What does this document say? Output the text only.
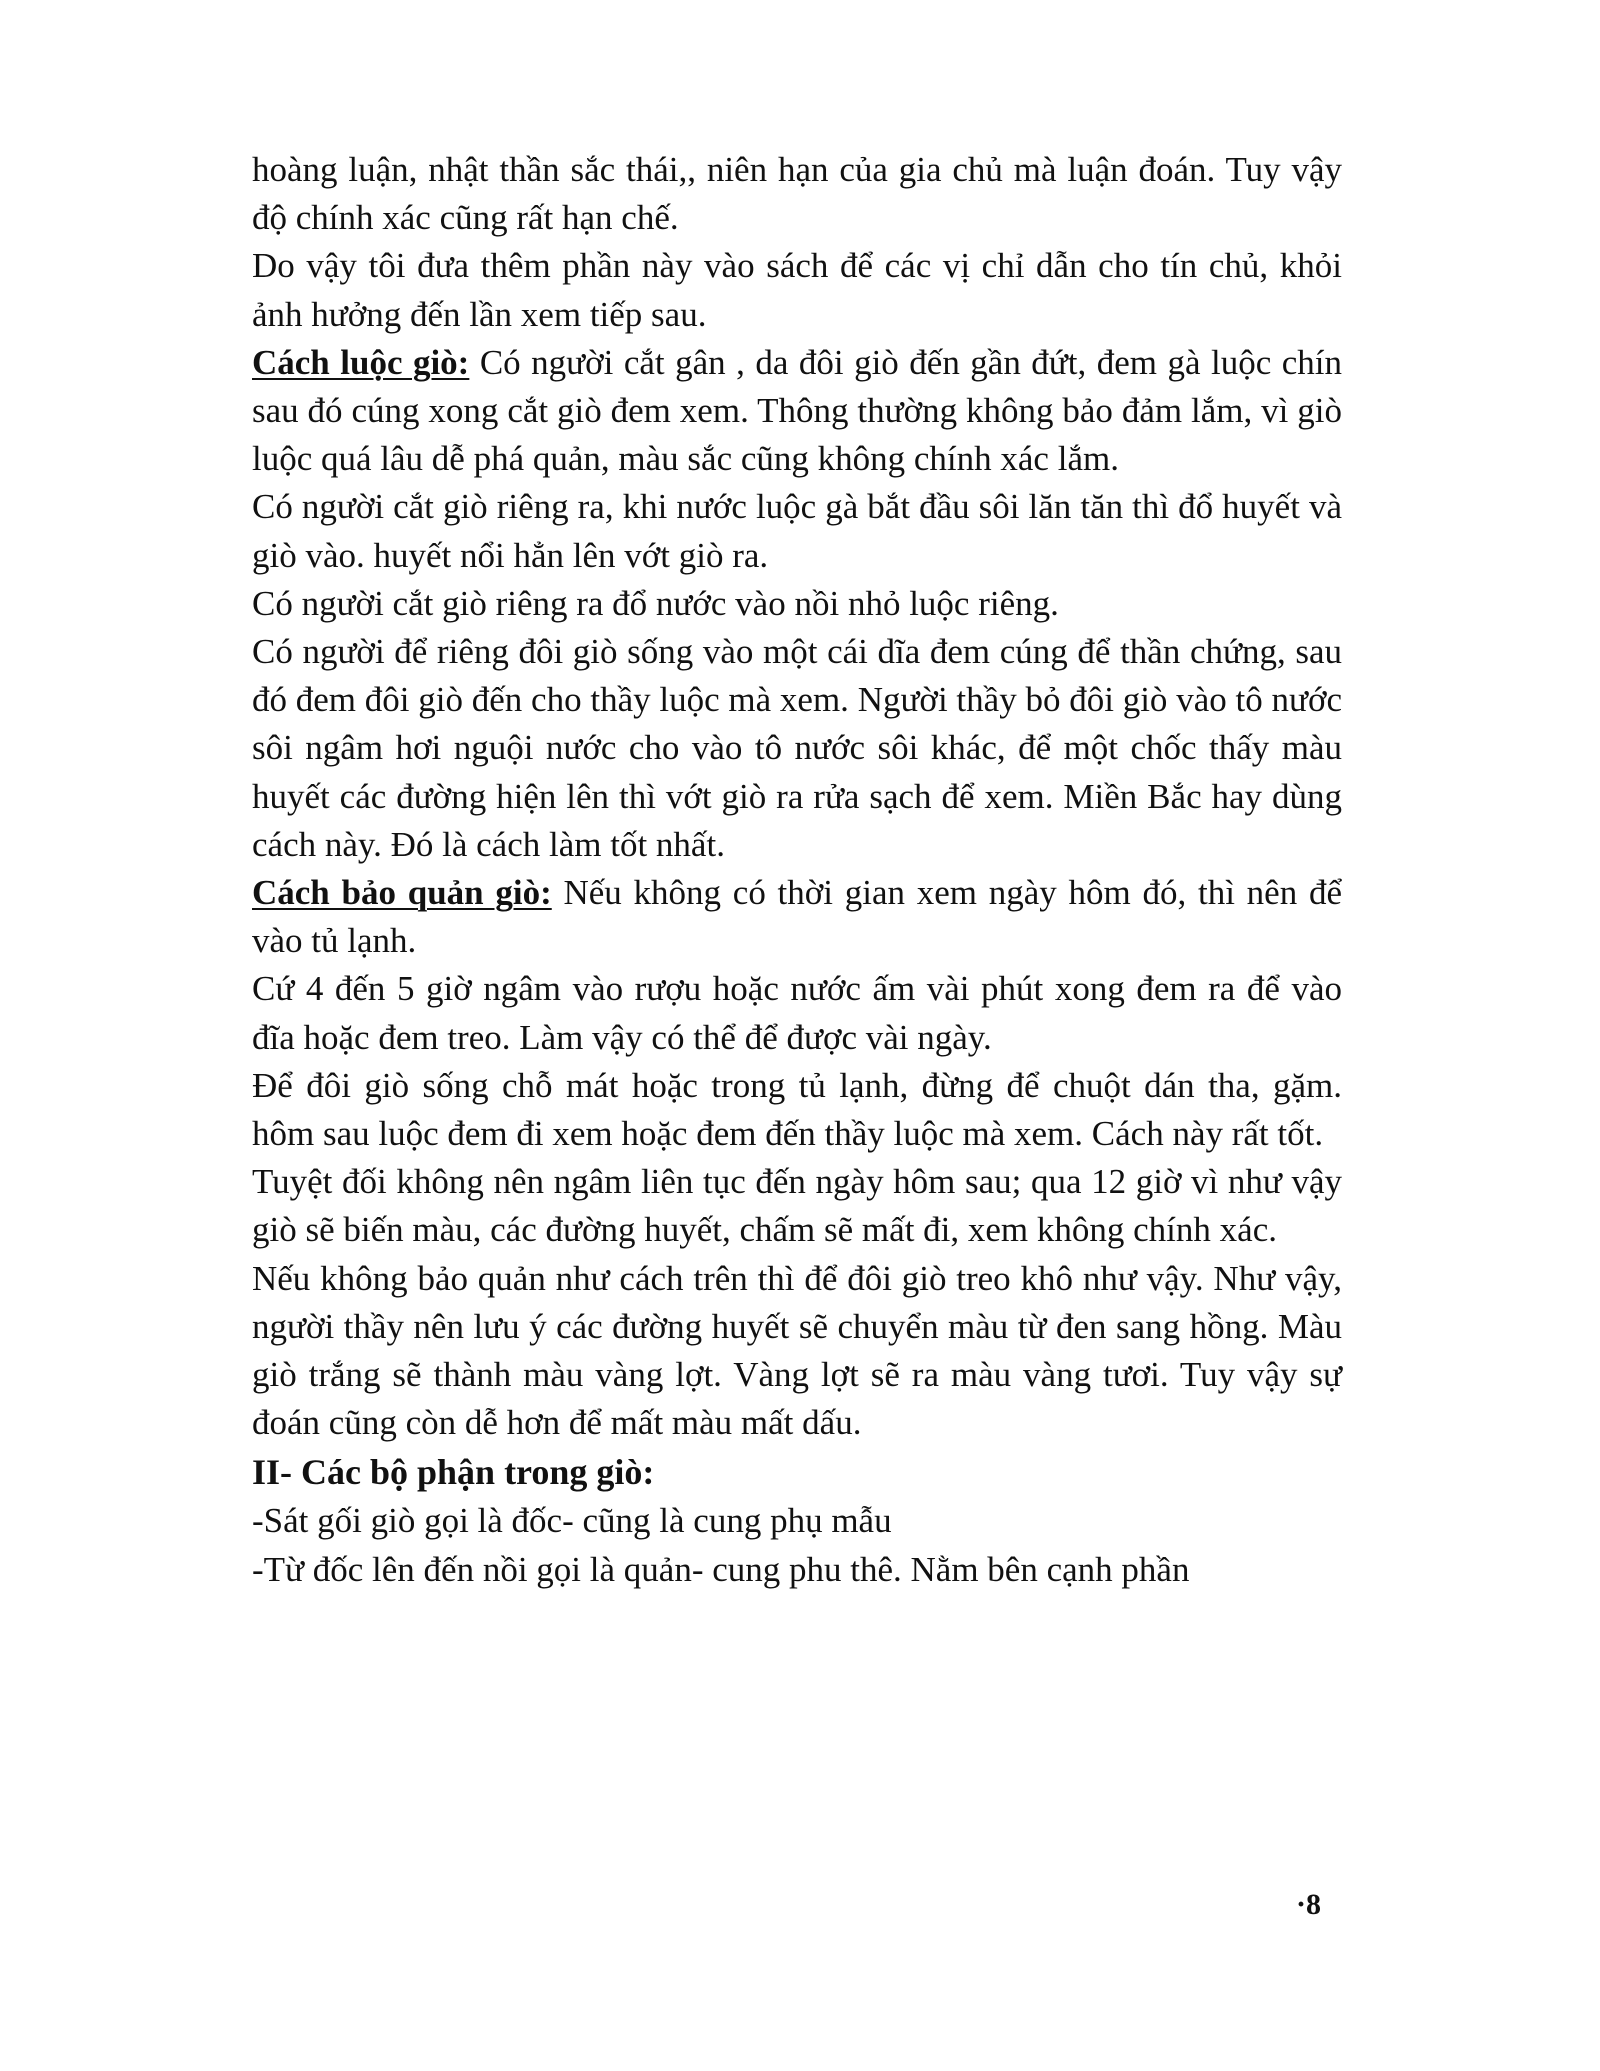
hoàng luận, nhật thần sắc thái,, niên hạn của gia chủ mà luận đoán. Tuy vậy độ chính xác cũng rất hạn chế.

Do vậy tôi đưa thêm phần này vào sách để các vị chỉ dẫn cho tín chủ, khỏi ảnh hưởng đến lần xem tiếp sau.

Cách luộc giò: Có người cắt gân , da đôi giò đến gần đứt, đem gà luộc chín sau đó cúng xong cắt giò đem xem. Thông thường không bảo đảm lắm, vì giò luộc quá lâu dễ phá quản, màu sắc cũng không chính xác lắm.

Có người cắt giò riêng ra, khi nước luộc gà bắt đầu sôi lăn tăn thì đổ huyết và giò vào. huyết nổi hẳn lên vớt giò ra.

Có người cắt giò riêng ra đổ nước vào nồi nhỏ luộc riêng.

Có người để riêng đôi giò sống vào một cái dĩa đem cúng để thần chứng, sau đó đem đôi giò đến cho thầy luộc mà xem. Người thầy bỏ đôi giò vào tô nước sôi ngâm hơi nguội nước cho vào tô nước sôi khác, để một chốc thấy màu huyết các đường hiện lên thì vớt giò ra rửa sạch để xem. Miền Bắc hay dùng cách này. Đó là cách làm tốt nhất.

Cách bảo quản giò: Nếu không có thời gian xem ngày hôm đó, thì nên để vào tủ lạnh.

Cứ 4 đến 5 giờ ngâm vào rượu hoặc nước ấm vài phút xong đem ra để vào đĩa hoặc đem treo. Làm vậy có thể để được vài ngày.

Để đôi giò sống chỗ mát hoặc trong tủ lạnh, đừng để chuột dán tha, gặm. hôm sau luộc đem đi xem hoặc đem đến thầy luộc mà xem. Cách này rất tốt.

Tuyệt đối không nên ngâm liên tục đến ngày hôm sau; qua 12 giờ vì như vậy giò sẽ biến màu, các đường huyết, chấm sẽ mất đi, xem không chính xác.

Nếu không bảo quản như cách trên thì để đôi giò treo khô như vậy. Như vậy, người thầy nên lưu ý các đường huyết sẽ chuyển màu từ đen sang hồng. Màu giò trắng sẽ thành màu vàng lợt. Vàng lợt sẽ ra màu vàng tươi. Tuy vậy sự đoán cũng còn dễ hơn để mất màu mất dấu.

II- Các bộ phận trong giò:

-Sát gối giò gọi là đốc- cũng là cung phụ mẫu

-Từ đốc lên đến nồi gọi là quản- cung phu thê. Nằm bên cạnh phần

·8
